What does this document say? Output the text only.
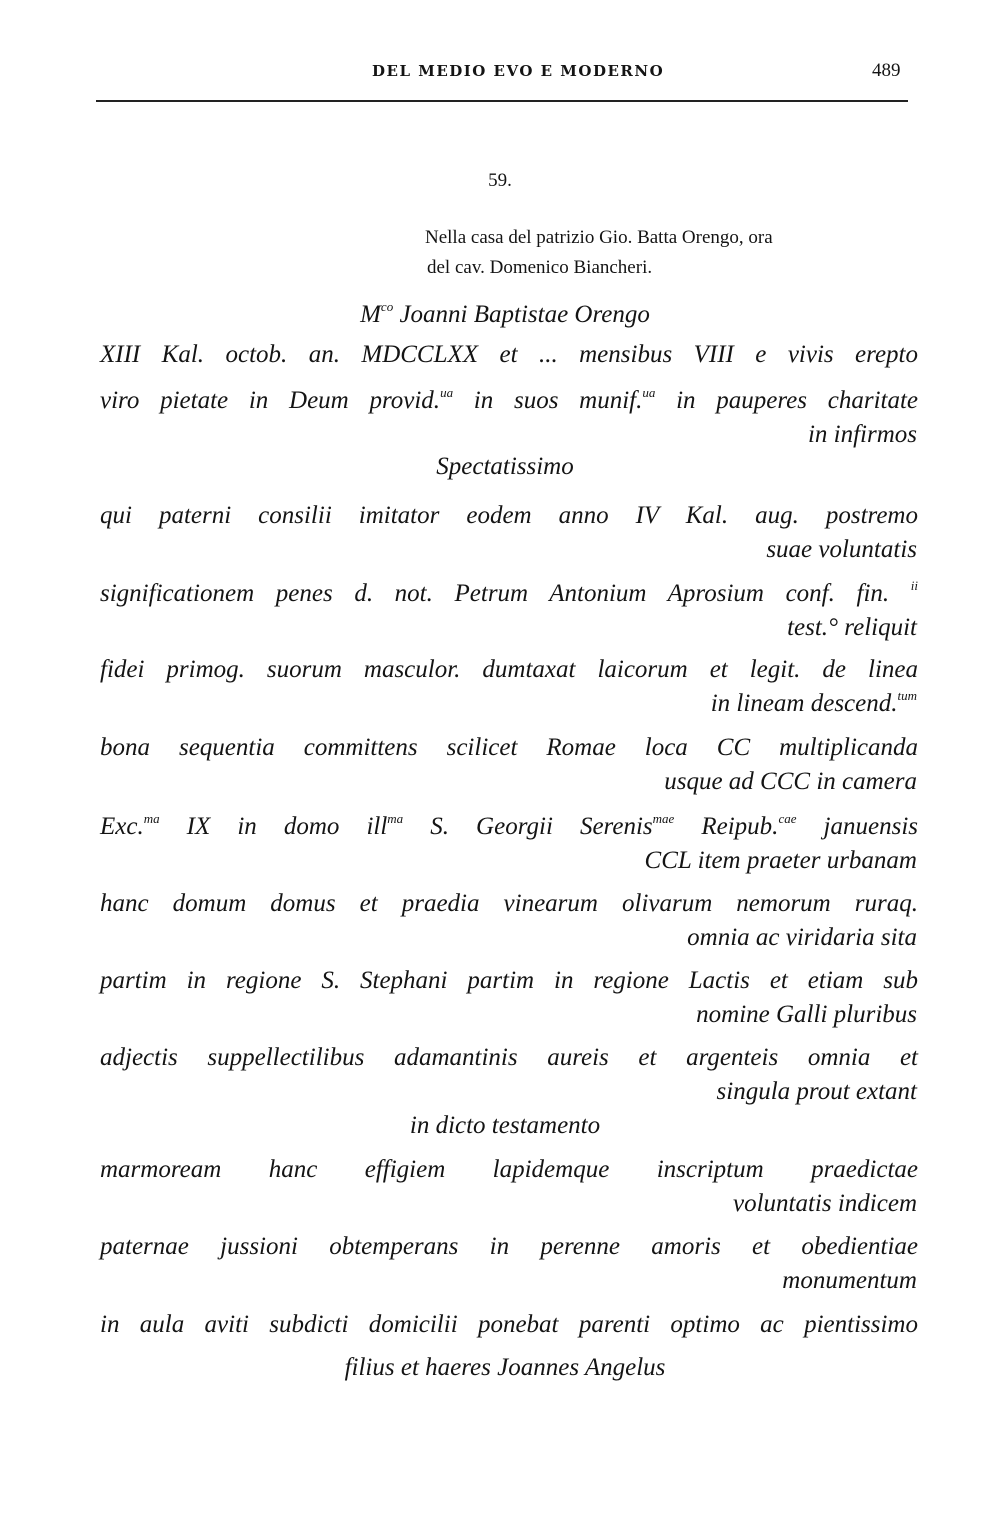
DEL MEDIO EVO E MODERNO	489
59.
Nella casa del patrizio Gio. Batta Orengo, ora
del cav. Domenico Biancheri.
$M^{co}$ Joanni Baptistae Orengo
XIII Kal. octob. an. MDCCLXX et ... mensibus VIII e vivis erepto
viro pietate in Deum provid.$^{ua}$ in suos munif.$^{ua}$ in pauperes charitate
in infirmos
Spectatissimo
qui paterni consilii imitator eodem anno IV Kal. aug. postremo
suae voluntatis
significationem penes d. not. Petrum Antonium Aprosium conf. fin. $^{ii}$
test.° reliquit
fidei primog. suorum masculor. dumtaxat laicorum et legit. de linea
in lineam descend.$^{tum}$
bona sequentia committens scilicet Romae loca CC multiplicanda
usque ad CCC in camera
Exc.$^{ma}$ IX in domo ill$^{ma}$ S. Georgii Serenis$^{mae}$ Reipub.$^{cae}$ januensis
CCL item praeter urbanam
hanc domum domus et praedia vinearum olivarum nemorum ruraq.
omnia ac viridaria sita
partim in regione S. Stephani partim in regione Lactis et etiam sub
nomine Galli pluribus
adjectis suppellectilibus adamantinis aureis et argenteis omnia et
singula prout extant
in dicto testamento
marmoream hanc effigiem lapidemque inscriptum praedictae
voluntatis indicem
paternae jussioni obtemperans in perenne amoris et obedientiae
monumentum
in aula aviti subdicti domicilii ponebat parenti optimo ac pientissimo
filius et haeres Joannes Angelus
